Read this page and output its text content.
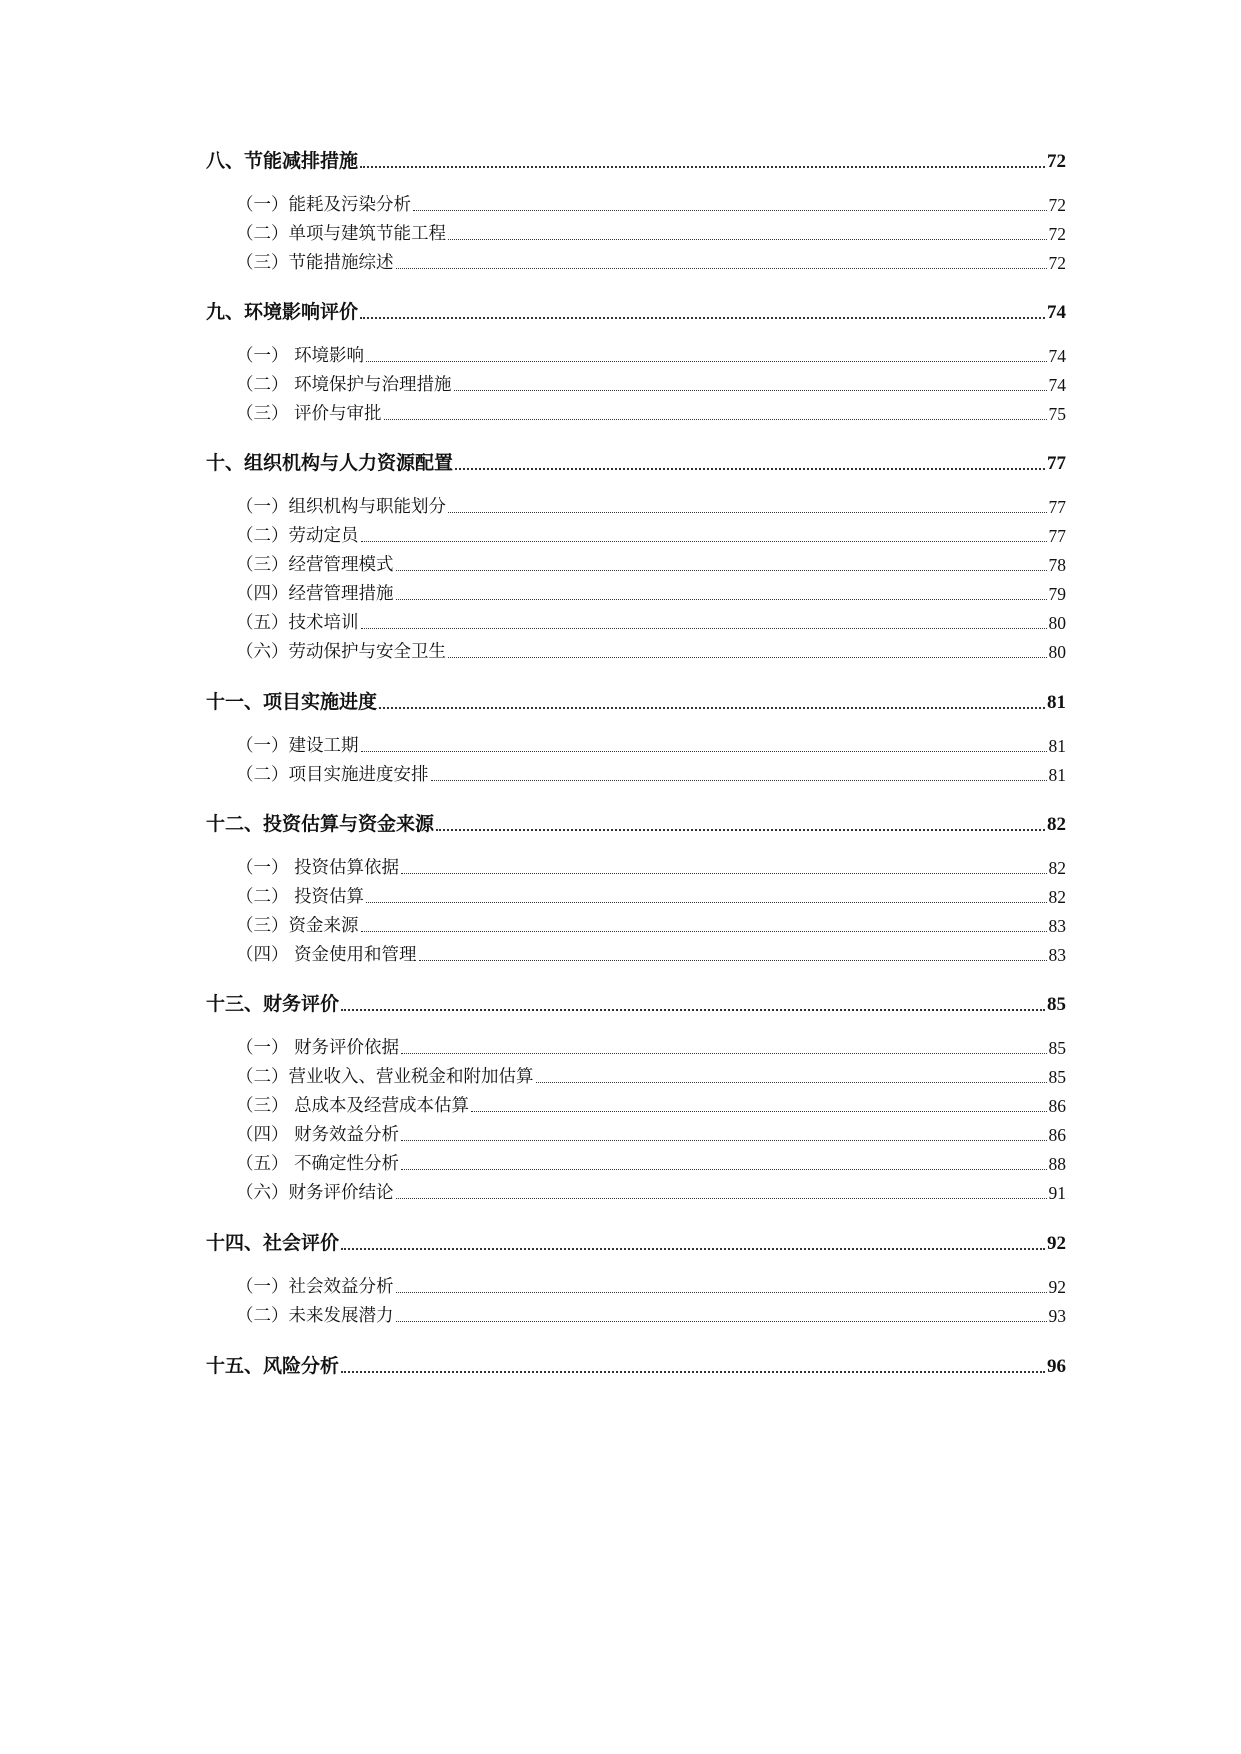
八、节能减排措施	72
（一）能耗及污染分析	72
（二）单项与建筑节能工程	72
（三）节能措施综述	72
九、环境影响评价	74
（一） 环境影响	74
（二） 环境保护与治理措施	74
（三） 评价与审批	75
十、组织机构与人力资源配置	77
（一）组织机构与职能划分	77
（二）劳动定员	77
（三）经营管理模式	78
（四）经营管理措施	79
（五）技术培训	80
（六）劳动保护与安全卫生	80
十一、项目实施进度	81
（一）建设工期	81
（二）项目实施进度安排	81
十二、投资估算与资金来源	82
（一） 投资估算依据	82
（二） 投资估算	82
（三）资金来源	83
（四） 资金使用和管理	83
十三、财务评价	85
（一） 财务评价依据	85
（二）营业收入、营业税金和附加估算	85
（三） 总成本及经营成本估算	86
（四） 财务效益分析	86
（五） 不确定性分析	88
（六）财务评价结论	91
十四、社会评价	92
（一）社会效益分析	92
（二）未来发展潜力	93
十五、风险分析	96
